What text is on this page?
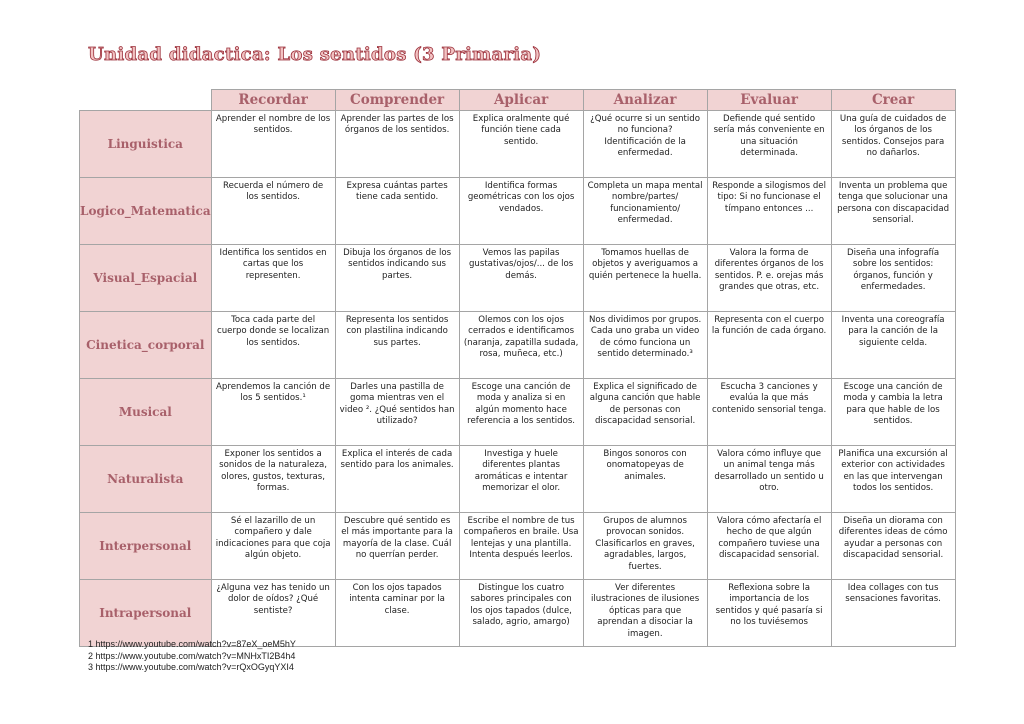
Unidad didactica: Los sentidos (3 Primaria)
	Recordar	Comprender	Aplicar	Analizar	Evaluar	Crear
Linguistica	Aprender el nombre de los sentidos.	Aprender las partes de los órganos de los sentidos.	Explica oralmente qué función tiene cada sentido.	¿Qué ocurre si un sentido no funciona? Identificación de la enfermedad.	Defiende qué sentido sería más conveniente en una situación determinada.	Una guía de cuidados de los órganos de los sentidos. Consejos para no dañarlos.
Logico_Matematica	Recuerda el número de los sentidos.	Expresa cuántas partes tiene cada sentido.	Identifica formas geométricas con los ojos vendados.	Completa un mapa mental nombre/partes/ funcionamiento/ enfermedad.	Responde a silogismos del tipo: Si no funcionase el tímpano entonces ...	Inventa un problema que tenga que solucionar una persona con discapacidad sensorial.
Visual_Espacial	Identifica los sentidos en cartas que los representen.	Dibuja los órganos de los sentidos indicando sus partes.	Vemos las papilas gustativas/ojos/... de los demás.	Tomamos huellas de objetos y averiguamos a quién pertenece la huella.	Valora la forma de diferentes órganos de los sentidos. P. e. orejas más grandes que otras, etc.	Diseña una infografía sobre los sentidos: órganos, función y enfermedades.
Cinetica_corporal	Toca cada parte del cuerpo donde se localizan los sentidos.	Representa los sentidos con plastilina indicando sus partes.	Olemos con los ojos cerrados e identificamos (naranja, zapatilla sudada, rosa, muñeca, etc.)	Nos dividimos por grupos. Cada uno graba un video de cómo funciona un sentido determinado.³	Representa con el cuerpo la función de cada órgano.	Inventa una coreografía para la canción de la siguiente celda.
Musical	Aprendemos la canción de los 5 sentidos.¹	Darles una pastilla de goma mientras ven el video ². ¿Qué sentidos han utilizado?	Escoge una canción de moda y analiza si en algún momento hace referencia a los sentidos.	Explica el significado de alguna canción que hable de personas con discapacidad sensorial.	Escucha 3 canciones y evalúa la que más contenido sensorial tenga.	Escoge una canción de moda y cambia la letra para que hable de los sentidos.
Naturalista	Exponer los sentidos a sonidos de la naturaleza, olores, gustos, texturas, formas.	Explica el interés de cada sentido para los animales.	Investiga y huele diferentes plantas aromáticas e intentar memorizar el olor.	Bingos sonoros con onomatopeyas de animales.	Valora cómo influye que un animal tenga más desarrollado un sentido u otro.	Planifica una excursión al exterior con actividades en las que intervengan todos los sentidos.
Interpersonal	Sé el lazarillo de un compañero y dale indicaciones para que coja algún objeto.	Descubre qué sentido es el más importante para la mayoría de la clase. Cuál no querrían perder.	Escribe el nombre de tus compañeros en braile. Usa lentejas y una plantilla. Intenta después leerlos.	Grupos de alumnos provocan sonidos. Clasificarlos en graves, agradables, largos, fuertes.	Valora cómo afectaría el hecho de que algún compañero tuviese una discapacidad sensorial.	Diseña un diorama con diferentes ideas de cómo ayudar a personas con discapacidad sensorial.
Intrapersonal	¿Alguna vez has tenido un dolor de oídos? ¿Qué sentiste?	Con los ojos tapados intenta caminar por la clase.	Distingue los cuatro sabores principales con los ojos tapados (dulce, salado, agrio, amargo)	Ver diferentes ilustraciones de ilusiones ópticas para que aprendan a disociar la imagen.	Reflexiona sobre la importancia de los sentidos y qué pasaría si no los tuviésemos	Idea collages con tus sensaciones favoritas.
1 https://www.youtube.com/watch?v=87eX_oeM5hY
2 https://www.youtube.com/watch?v=MNHxTI2B4h4
3 https://www.youtube.com/watch?v=rQxOGyqYXI4
